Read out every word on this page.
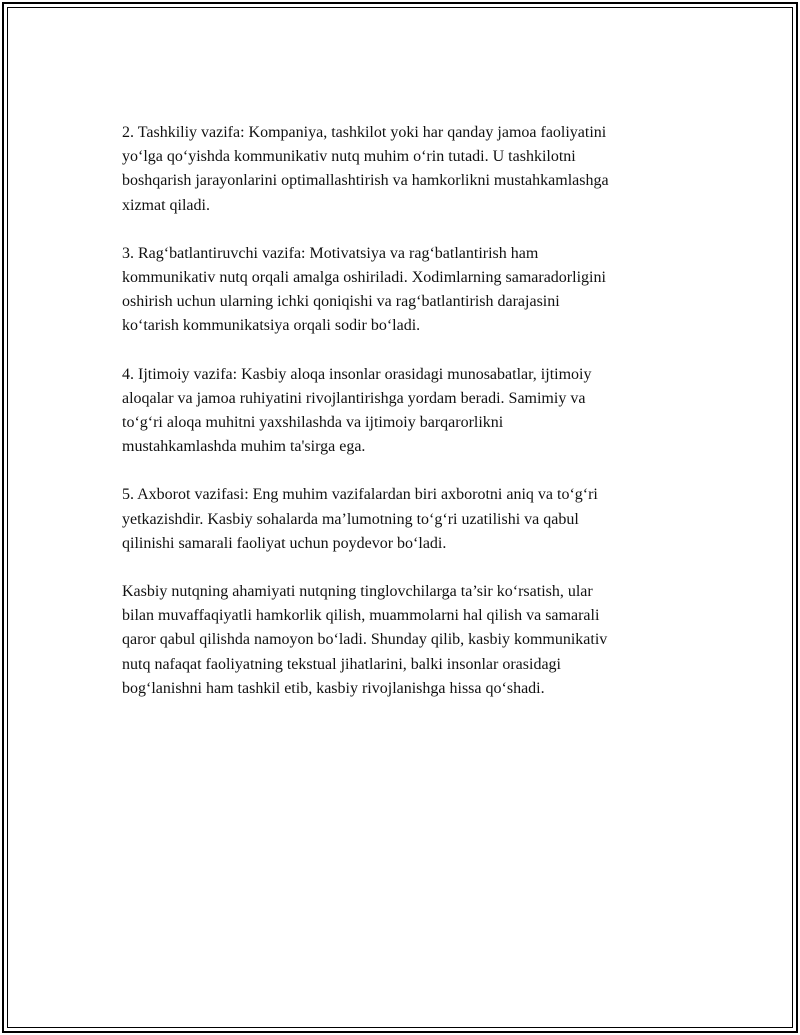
2. Tashkiliy vazifa: Kompaniya, tashkilot yoki har qanday jamoa faoliyatini
yo‘lga qo‘yishda kommunikativ nutq muhim o‘rin tutadi. U tashkilotni
boshqarish jarayonlarini optimallashtirish va hamkorlikni mustahkamlashga
xizmat qiladi.

3. Rag‘batlantiruvchi vazifa: Motivatsiya va rag‘batlantirish ham
kommunikativ nutq orqali amalga oshiriladi. Xodimlarning samaradorligini
oshirish uchun ularning ichki qoniqishi va rag‘batlantirish darajasini
ko‘tarish kommunikatsiya orqali sodir bo‘ladi.

4. Ijtimoiy vazifa: Kasbiy aloqa insonlar orasidagi munosabatlar, ijtimoiy
aloqalar va jamoa ruhiyatini rivojlantirishga yordam beradi. Samimiy va
to‘g‘ri aloqa muhitni yaxshilashda va ijtimoiy barqarorlikni
mustahkamlashda muhim ta'sirga ega.

5. Axborot vazifasi: Eng muhim vazifalardan biri axborotni aniq va to‘g‘ri
yetkazishdir. Kasbiy sohalarda ma’lumotning to‘g‘ri uzatilishi va qabul
qilinishi samarali faoliyat uchun poydevor bo‘ladi.

Kasbiy nutqning ahamiyati nutqning tinglovchilarga ta’sir ko‘rsatish, ular
bilan muvaffaqiyatli hamkorlik qilish, muammolarni hal qilish va samarali
qaror qabul qilishda namoyon bo‘ladi. Shunday qilib, kasbiy kommunikativ
nutq nafaqat faoliyatning tekstual jihatlarini, balki insonlar orasidagi
bog‘lanishni ham tashkil etib, kasbiy rivojlanishga hissa qo‘shadi.
